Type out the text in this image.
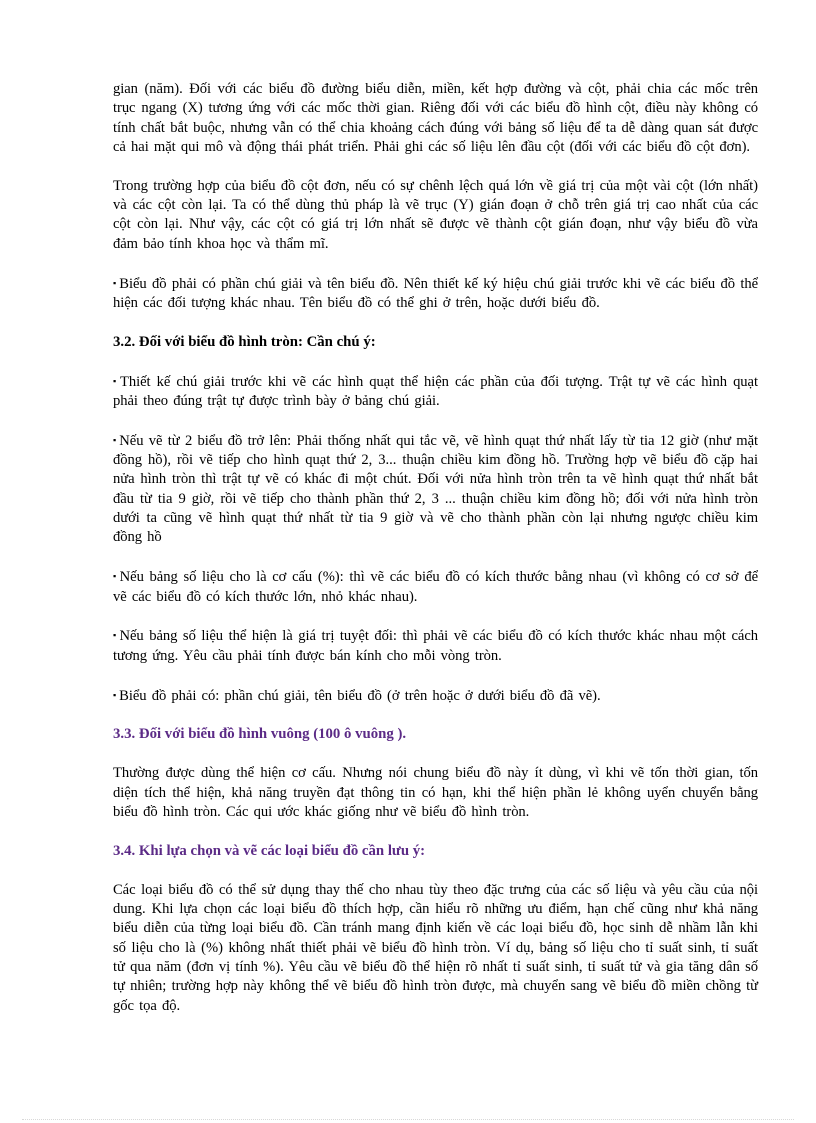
gian (năm). Đối với các biểu đồ đường biểu diễn, miền, kết hợp đường và cột, phải chia các mốc trên trục ngang (X) tương ứng với các mốc thời gian. Riêng đối với các biểu đồ hình cột, điều này không có tính chất bắt buộc, nhưng vẫn có thể chia khoảng cách đúng với bảng số liệu để ta dễ dàng quan sát được cả hai mặt qui mô và động thái phát triển. Phải ghi các số liệu lên đầu cột (đối với các biểu đồ cột đơn).

Trong trường hợp của biểu đồ cột đơn, nếu có sự chênh lệch quá lớn về giá trị của một vài cột (lớn nhất) và các cột còn lại. Ta có thể dùng thủ pháp là vẽ trục (Y) gián đoạn ở chỗ trên giá trị cao nhất của các cột còn lại. Như vậy, các cột có giá trị lớn nhất sẽ được vẽ thành cột gián đoạn, như vậy biểu đồ vừa đảm bảo tính khoa học và thẩm mĩ.

▪ Biểu đồ phải có phần chú giải và tên biểu đồ. Nên thiết kế ký hiệu chú giải trước khi vẽ các biểu đồ thể hiện các đối tượng khác nhau. Tên biểu đồ có thể ghi ở trên, hoặc dưới biểu đồ.

3.2. Đối với biểu đồ hình tròn: Cần chú ý:

▪ Thiết kế chú giải trước khi vẽ các hình quạt thể hiện các phần của đối tượng. Trật tự vẽ các hình quạt phải theo đúng trật tự được trình bày ở bảng chú giải.

▪ Nếu vẽ từ 2 biểu đồ trở lên: Phải thống nhất qui tắc vẽ, vẽ hình quạt thứ nhất lấy từ tia 12 giờ (như mặt đồng hồ), rồi vẽ tiếp cho hình quạt thứ 2, 3... thuận chiều kim đồng hồ. Trường hợp vẽ biểu đồ cặp hai nửa hình tròn thì trật tự vẽ có khác đi một chút. Đối với nửa hình tròn trên ta vẽ hình quạt thứ nhất bắt đầu từ tia 9 giờ, rồi vẽ tiếp cho thành phần thứ 2, 3 ... thuận chiều kim đồng hồ; đối với nửa hình tròn dưới ta cũng vẽ hình quạt thứ nhất từ tia 9 giờ và vẽ cho thành phần còn lại nhưng ngược chiều kim đồng hồ

▪ Nếu bảng số liệu cho là cơ cấu (%): thì vẽ các biểu đồ có kích thước bằng nhau (vì không có cơ sở để vẽ các biểu đồ có kích thước lớn, nhỏ khác nhau).

▪ Nếu bảng số liệu thể hiện là giá trị tuyệt đối: thì phải vẽ các biểu đồ có kích thước khác nhau một cách tương ứng. Yêu cầu phải tính được bán kính cho mỗi vòng tròn.

▪ Biểu đồ phải có: phần chú giải, tên biểu đồ (ở trên hoặc ở dưới biểu đồ đã vẽ).

3.3. Đối với biểu đồ hình vuông (100 ô vuông ).

Thường được dùng thể hiện cơ cấu. Nhưng nói chung biểu đồ này ít dùng, vì khi vẽ tốn thời gian, tốn diện tích thể hiện, khả năng truyền đạt thông tin có hạn, khi thể hiện phần lẻ không uyển chuyển bằng biểu đồ hình tròn. Các qui ước khác giống như vẽ biểu đồ hình tròn.

3.4. Khi lựa chọn và vẽ các loại biểu đồ cần lưu ý:

Các loại biểu đồ có thể sử dụng thay thế cho nhau tùy theo đặc trưng của các số liệu và yêu cầu của nội dung. Khi lựa chọn các loại biểu đồ thích hợp, cần hiểu rõ những ưu điểm, hạn chế cũng như khả năng biểu diễn của từng loại biểu đồ. Cần tránh mang định kiến về các loại biểu đồ, học sinh dễ nhầm lẫn khi số liệu cho là (%) không nhất thiết phải vẽ biểu đồ hình tròn. Ví dụ, bảng số liệu cho tỉ suất sinh, tỉ suất tử qua năm (đơn vị tính %). Yêu cầu vẽ biểu đồ thể hiện rõ nhất tỉ suất sinh, tỉ suất tử và gia tăng dân số tự nhiên; trường hợp này không thể vẽ biểu đồ hình tròn được, mà chuyển sang vẽ biểu đồ miền chồng từ gốc tọa độ.
